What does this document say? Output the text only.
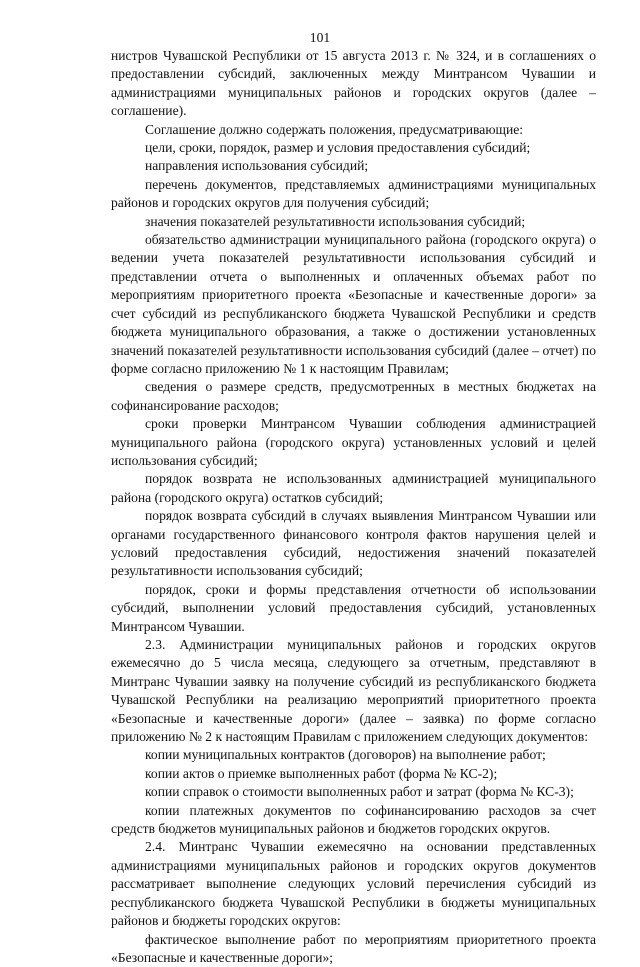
101

нистров Чувашской Республики от 15 августа 2013 г. № 324, и в соглашениях о предоставлении субсидий, заключенных между Минтрансом Чувашии и администрациями муниципальных районов и городских округов (далее – соглашение).

Соглашение должно содержать положения, предусматривающие:

цели, сроки, порядок, размер и условия предоставления субсидий;

направления использования субсидий;

перечень документов, представляемых администрациями муниципальных районов и городских округов для получения субсидий;

значения показателей результативности использования субсидий;

обязательство администрации муниципального района (городского округа) о ведении учета показателей результативности использования субсидий и представлении отчета о выполненных и оплаченных объемах работ по мероприятиям приоритетного проекта «Безопасные и качественные дороги» за счет субсидий из республиканского бюджета Чувашской Республики и средств бюджета муниципального образования, а также о достижении установленных значений показателей результативности использования субсидий (далее – отчет) по форме согласно приложению № 1 к настоящим Правилам;

сведения о размере средств, предусмотренных в местных бюджетах на софинансирование расходов;

сроки проверки Минтрансом Чувашии соблюдения администрацией муниципального района (городского округа) установленных условий и целей использования субсидий;

порядок возврата не использованных администрацией муниципального района (городского округа) остатков субсидий;

порядок возврата субсидий в случаях выявления Минтрансом Чувашии или органами государственного финансового контроля фактов нарушения целей и условий предоставления субсидий, недостижения значений показателей результативности использования субсидий;

порядок, сроки и формы представления отчетности об использовании субсидий, выполнении условий предоставления субсидий, установленных Минтрансом Чувашии.

2.3. Администрации муниципальных районов и городских округов ежемесячно до 5 числа месяца, следующего за отчетным, представляют в Минтранс Чувашии заявку на получение субсидий из республиканского бюджета Чувашской Республики на реализацию мероприятий приоритетного проекта «Безопасные и качественные дороги» (далее – заявка) по форме согласно приложению № 2 к настоящим Правилам с приложением следующих документов:

копии муниципальных контрактов (договоров) на выполнение работ;

копии актов о приемке выполненных работ (форма № КС-2);

копии справок о стоимости выполненных работ и затрат (форма № КС-3);

копии платежных документов по софинансированию расходов за счет средств бюджетов муниципальных районов и бюджетов городских округов.

2.4. Минтранс Чувашии ежемесячно на основании представленных администрациями муниципальных районов и городских округов документов рассматривает выполнение следующих условий перечисления субсидий из республиканского бюджета Чувашской Республики в бюджеты муниципальных районов и бюджеты городских округов:

фактическое выполнение работ по мероприятиям приоритетного проекта «Безопасные и качественные дороги»;
